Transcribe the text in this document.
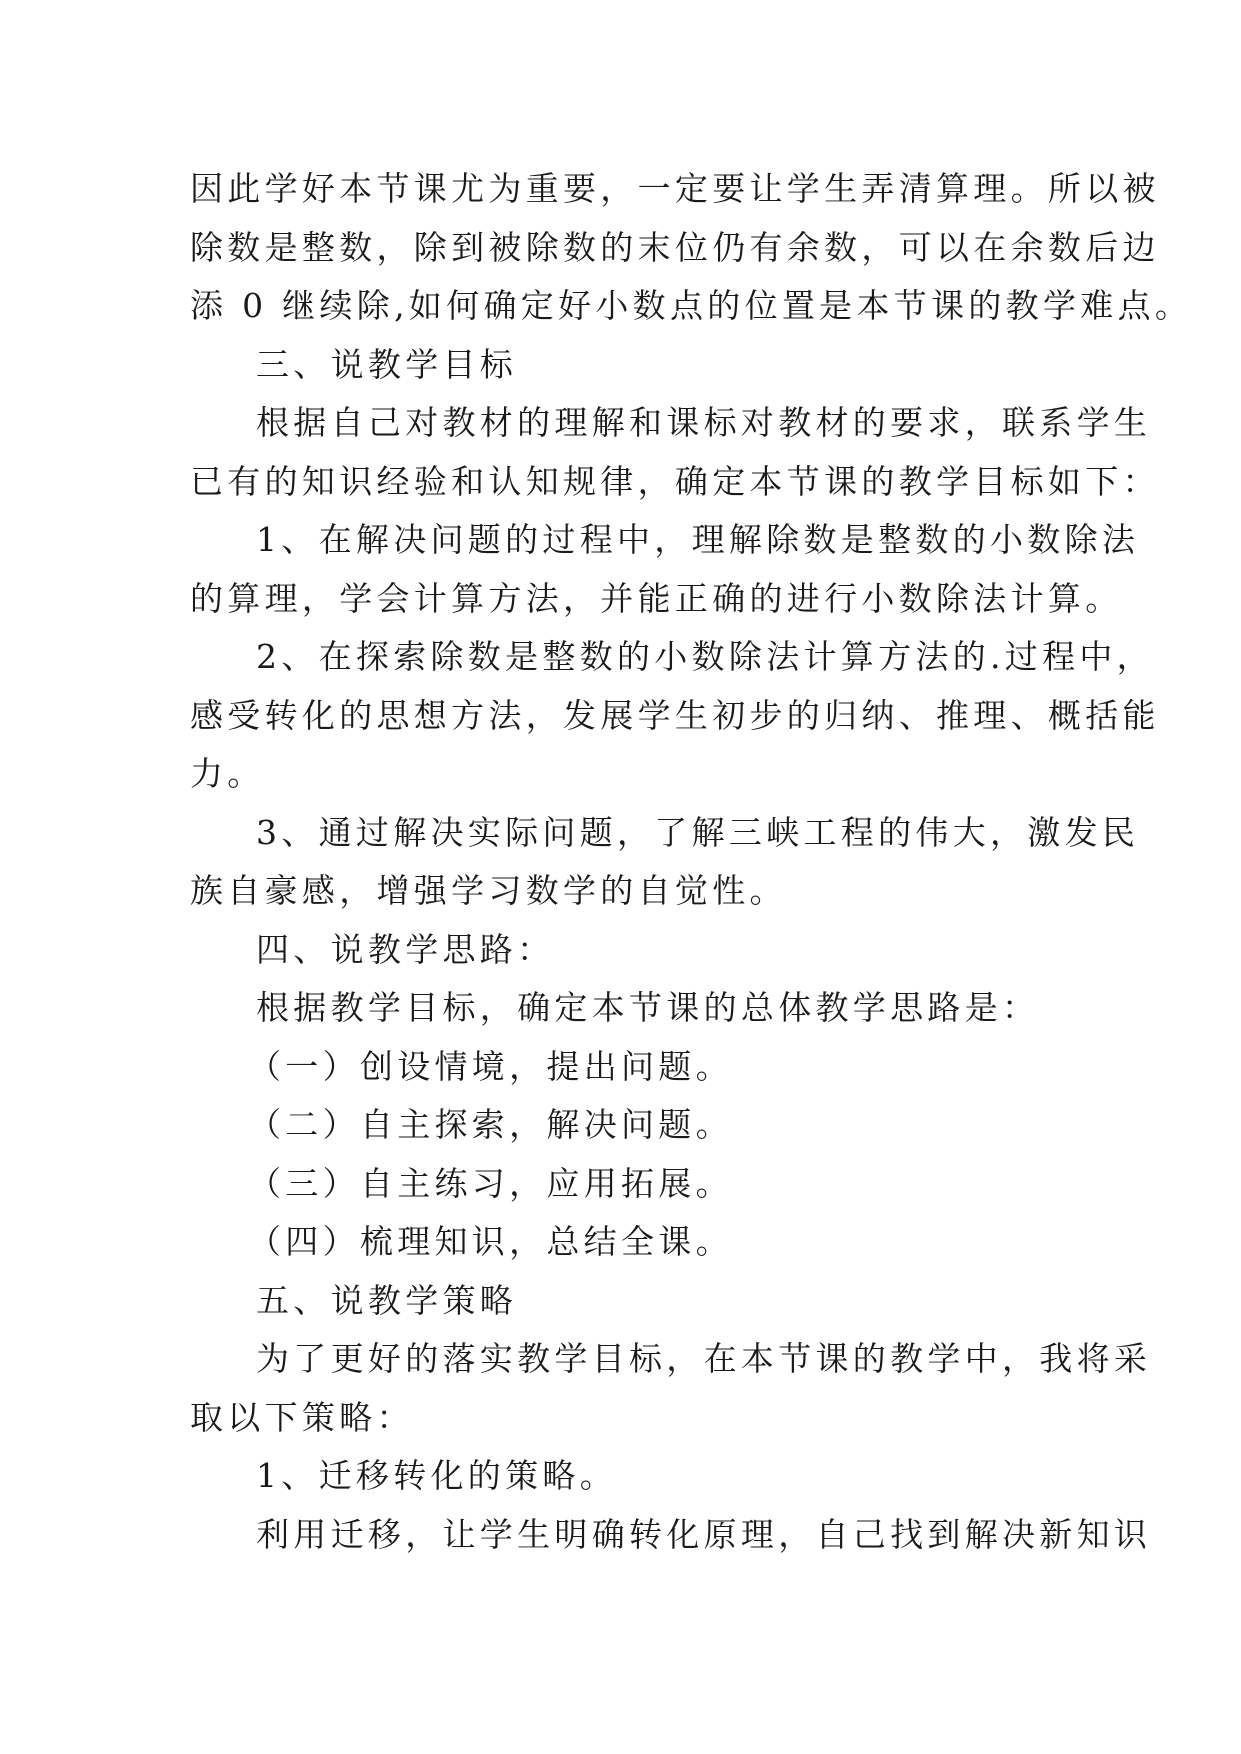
因此学好本节课尤为重要，一定要让学生弄清算理。所以被
除数是整数，除到被除数的末位仍有余数，可以在余数后边
添 0 继续除,如何确定好小数点的位置是本节课的教学难点。
三、说教学目标
根据自己对教材的理解和课标对教材的要求，联系学生
已有的知识经验和认知规律，确定本节课的教学目标如下：
1、在解决问题的过程中，理解除数是整数的小数除法
的算理，学会计算方法，并能正确的进行小数除法计算。
2、在探索除数是整数的小数除法计算方法的.过程中，
感受转化的思想方法，发展学生初步的归纳、推理、概括能
力。
3、通过解决实际问题，了解三峡工程的伟大，激发民
族自豪感，增强学习数学的自觉性。
四、说教学思路：
根据教学目标，确定本节课的总体教学思路是：
（一）创设情境，提出问题。
（二）自主探索，解决问题。
（三）自主练习，应用拓展。
（四）梳理知识，总结全课。
五、说教学策略
为了更好的落实教学目标，在本节课的教学中，我将采
取以下策略：
1、迁移转化的策略。
利用迁移，让学生明确转化原理，自己找到解决新知识
